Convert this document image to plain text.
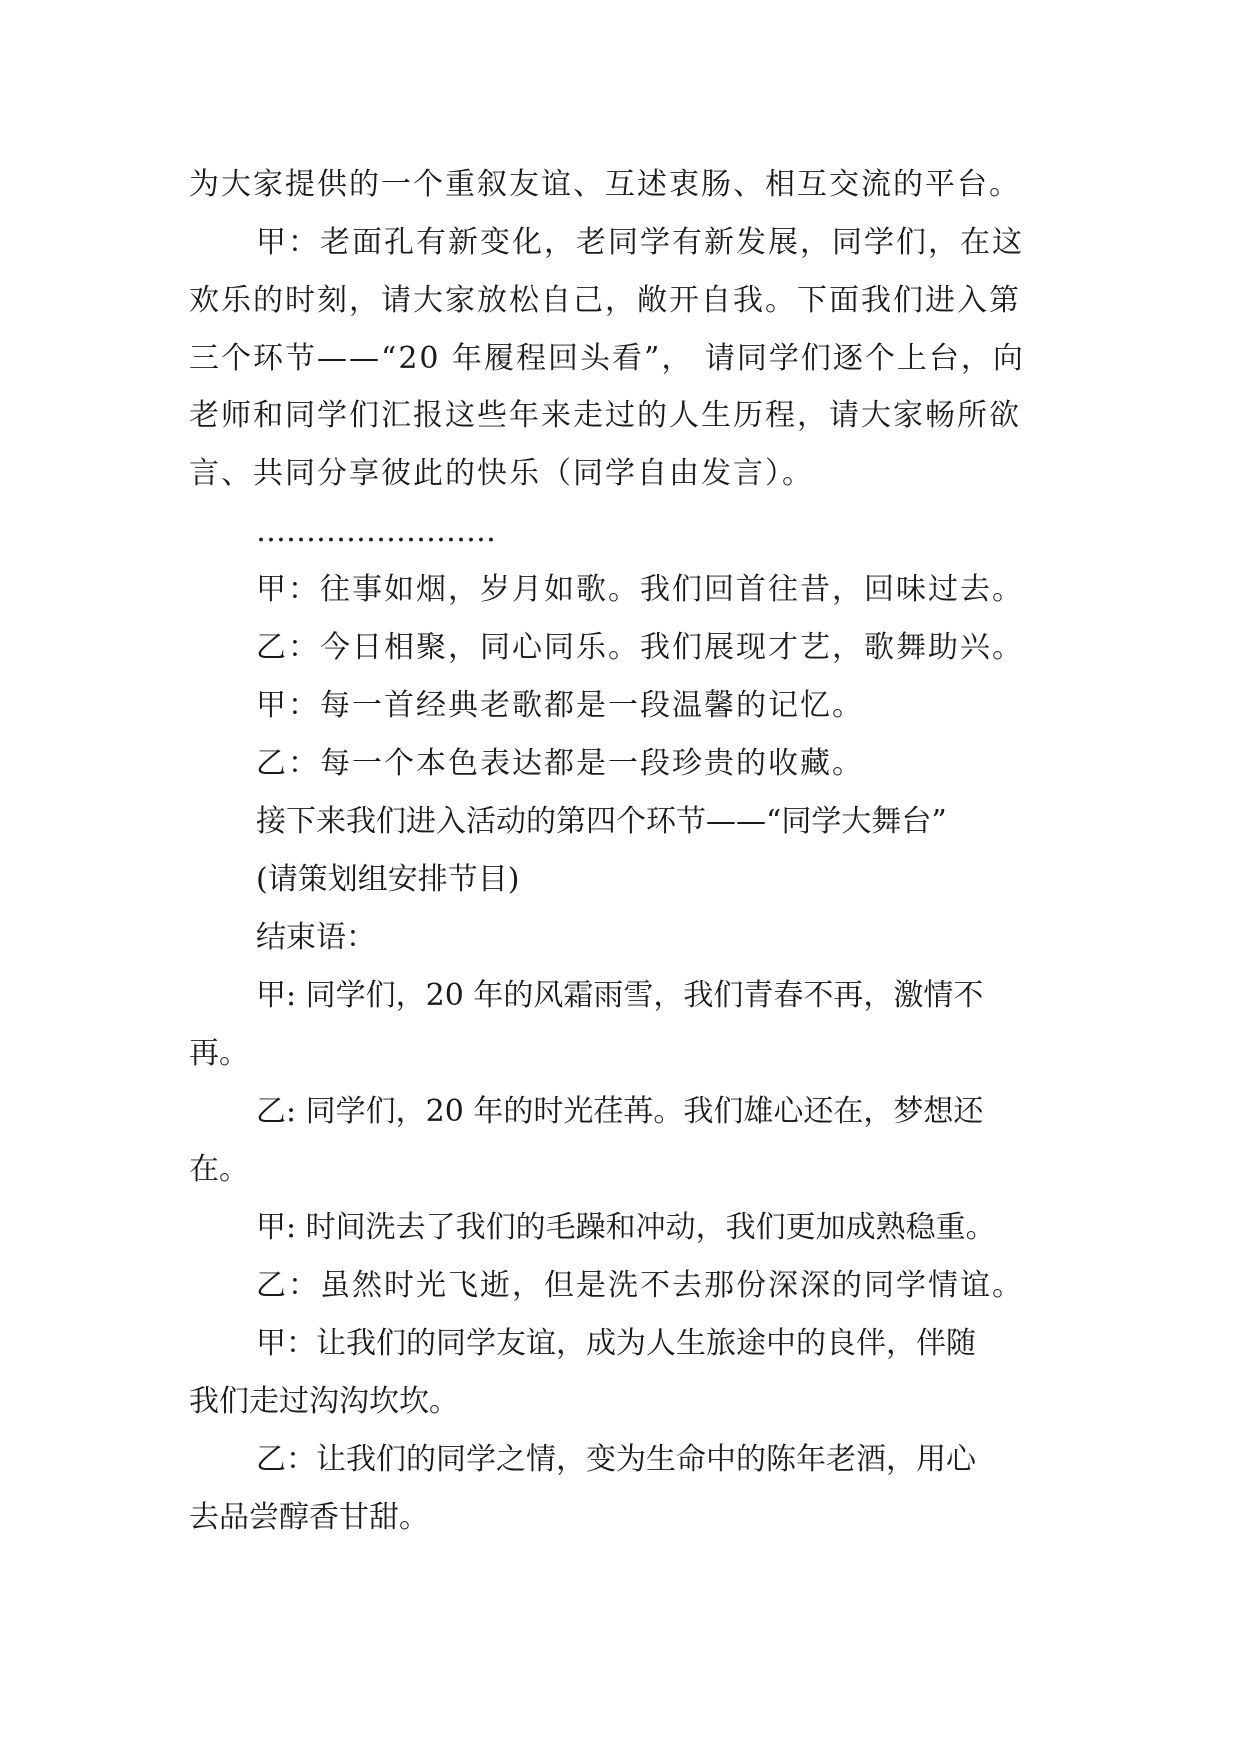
为大家提供的一个重叙友谊、互述衷肠、相互交流的平台。
甲：老面孔有新变化，老同学有新发展，同学们，在这
欢乐的时刻，请大家放松自己，敞开自我。下面我们进入第
三个环节——“20 年履程回头看”， 请同学们逐个上台，向
老师和同学们汇报这些年来走过的人生历程，请大家畅所欲
言、共同分享彼此的快乐（同学自由发言）。
……………………
甲：往事如烟，岁月如歌。我们回首往昔，回味过去。
乙：今日相聚，同心同乐。我们展现才艺，歌舞助兴。
甲：每一首经典老歌都是一段温馨的记忆。
乙：每一个本色表达都是一段珍贵的收藏。
接下来我们进入活动的第四个环节——“同学大舞台”
(请策划组安排节目)
结束语：
甲: 同学们，20 年的风霜雨雪，我们青春不再，激情不
再。
乙: 同学们，20 年的时光荏苒。我们雄心还在，梦想还
在。
甲: 时间洗去了我们的毛躁和冲动，我们更加成熟稳重。
乙：虽然时光飞逝，但是洗不去那份深深的同学情谊。
甲：让我们的同学友谊，成为人生旅途中的良伴，伴随
我们走过沟沟坎坎。
乙：让我们的同学之情，变为生命中的陈年老酒，用心
去品尝醇香甘甜。
